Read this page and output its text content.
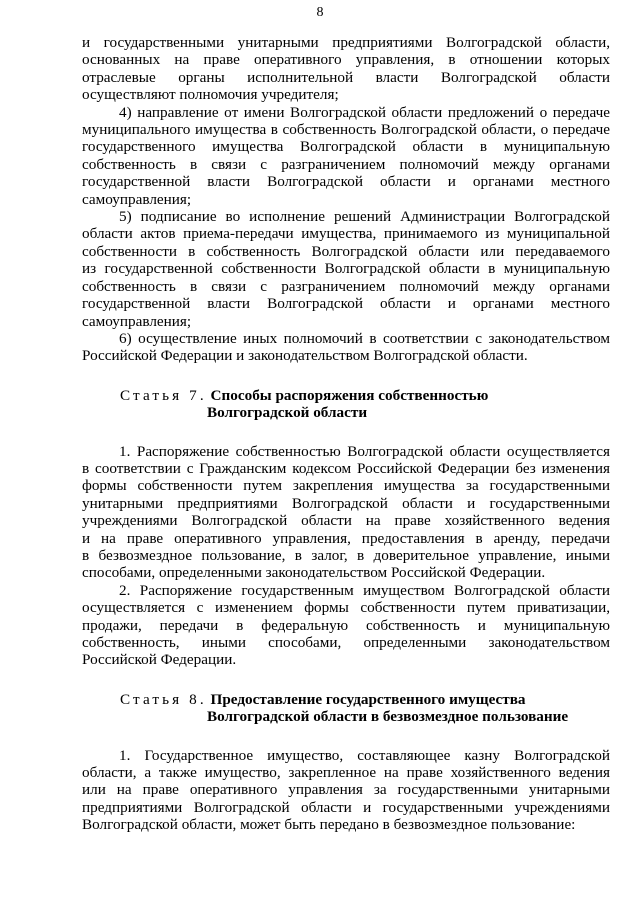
8

и государственными унитарными предприятиями Волгоградской области,

основанных на праве оперативного управления, в отношении которых

отраслевые органы исполнительной власти Волгоградской области

осуществляют полномочия учредителя;

4) направление от имени Волгоградской области предложений о передаче

муниципального имущества в собственность Волгоградской области, о передаче

государственного имущества Волгоградской области в муниципальную

собственность в связи с разграничением полномочий между органами

государственной власти Волгоградской области и органами местного

самоуправления;

5) подписание во исполнение решений Администрации Волгоградской

области актов приема-передачи имущества, принимаемого из муниципальной

собственности в собственность Волгоградской области или передаваемого

из государственной собственности Волгоградской области в муниципальную

собственность в связи с разграничением полномочий между органами

государственной власти Волгоградской области и органами местного

самоуправления;

6) осуществление иных полномочий в соответствии с законодательством

Российской Федерации и законодательством Волгоградской области.

Статья 7. Способы распоряжения собственностью
Волгоградской области

1. Распоряжение собственностью Волгоградской области осуществляется

в соответствии с Гражданским кодексом Российской Федерации без изменения

формы собственности путем закрепления имущества за государственными

унитарными предприятиями Волгоградской области и государственными

учреждениями Волгоградской области на праве хозяйственного ведения

и на праве оперативного управления, предоставления в аренду, передачи

в безвозмездное пользование, в залог, в доверительное управление, иными

способами, определенными законодательством Российской Федерации.

2. Распоряжение государственным имуществом Волгоградской области

осуществляется с изменением формы собственности путем приватизации,

продажи, передачи в федеральную собственность и муниципальную

собственность, иными способами, определенными законодательством

Российской Федерации.

Статья 8. Предоставление государственного имущества
Волгоградской области в безвозмездное пользование

1. Государственное имущество, составляющее казну Волгоградской

области, а также имущество, закрепленное на праве хозяйственного ведения

или на праве оперативного управления за государственными унитарными

предприятиями Волгоградской области и государственными учреждениями

Волгоградской области, может быть передано в безвозмездное пользование:
